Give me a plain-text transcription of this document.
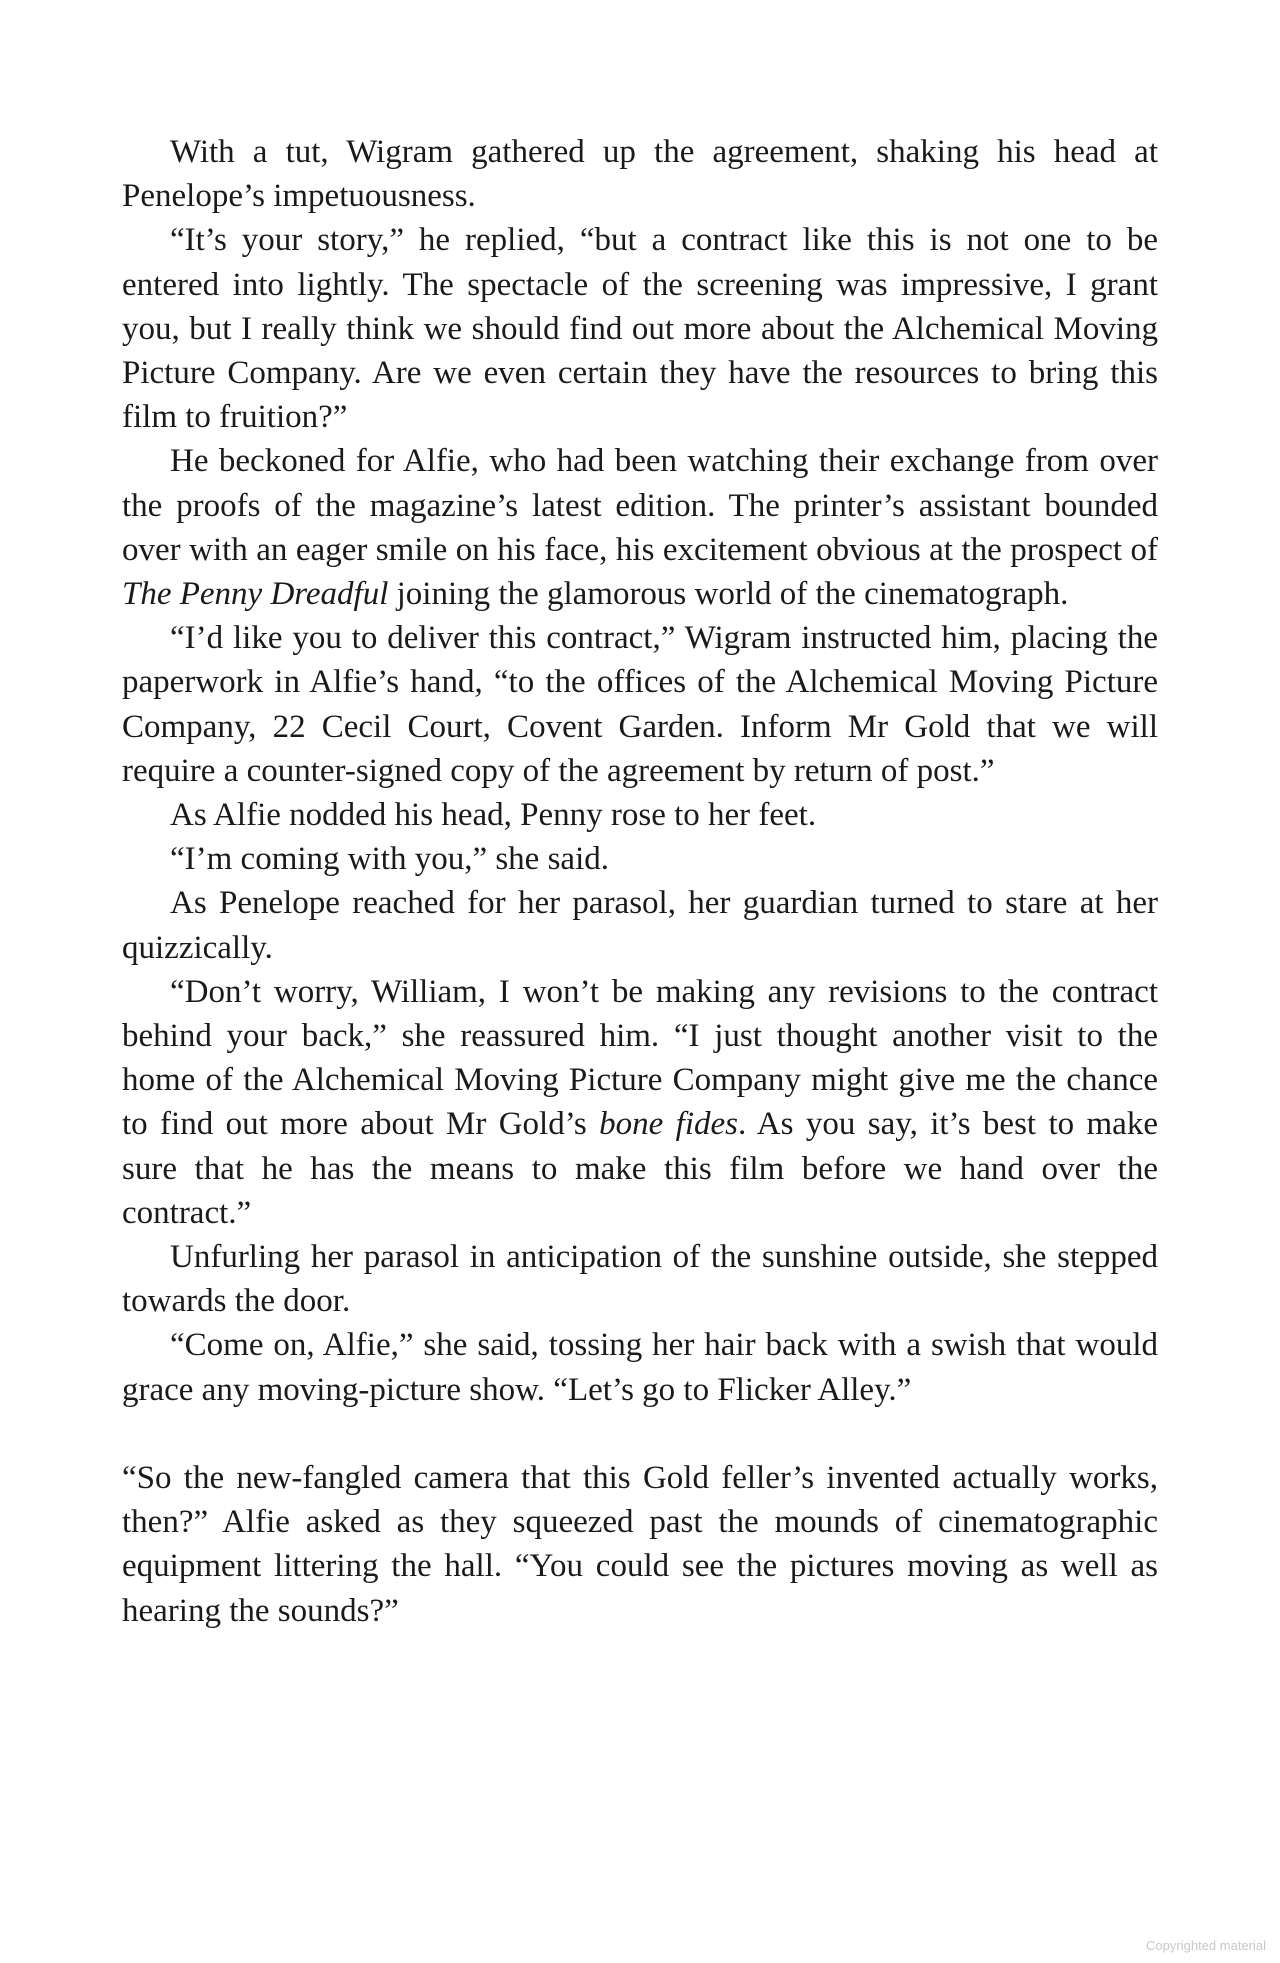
With a tut, Wigram gathered up the agreement, shaking his head at Penelope’s impetuousness.

“It’s your story,” he replied, “but a contract like this is not one to be entered into lightly. The spectacle of the screening was impressive, I grant you, but I really think we should find out more about the Alchemical Moving Picture Company. Are we even certain they have the resources to bring this film to fruition?”

He beckoned for Alfie, who had been watching their exchange from over the proofs of the magazine’s latest edition. The printer’s assistant bounded over with an eager smile on his face, his excitement obvious at the prospect of The Penny Dreadful joining the glamorous world of the cinematograph.

“I’d like you to deliver this contract,” Wigram instructed him, placing the paperwork in Alfie’s hand, “to the offices of the Alchemical Moving Picture Company, 22 Cecil Court, Covent Garden. Inform Mr Gold that we will require a counter-signed copy of the agreement by return of post.”

As Alfie nodded his head, Penny rose to her feet.

“I’m coming with you,” she said.

As Penelope reached for her parasol, her guardian turned to stare at her quizzically.

“Don’t worry, William, I won’t be making any revisions to the contract behind your back,” she reassured him. “I just thought another visit to the home of the Alchemical Moving Picture Company might give me the chance to find out more about Mr Gold’s bone fides. As you say, it’s best to make sure that he has the means to make this film before we hand over the contract.”

Unfurling her parasol in anticipation of the sunshine outside, she stepped towards the door.

“Come on, Alfie,” she said, tossing her hair back with a swish that would grace any moving-picture show. “Let’s go to Flicker Alley.”

“So the new-fangled camera that this Gold feller’s invented actually works, then?” Alfie asked as they squeezed past the mounds of cinematographic equipment littering the hall. “You could see the pictures moving as well as hearing the sounds?”

Copyrighted material
